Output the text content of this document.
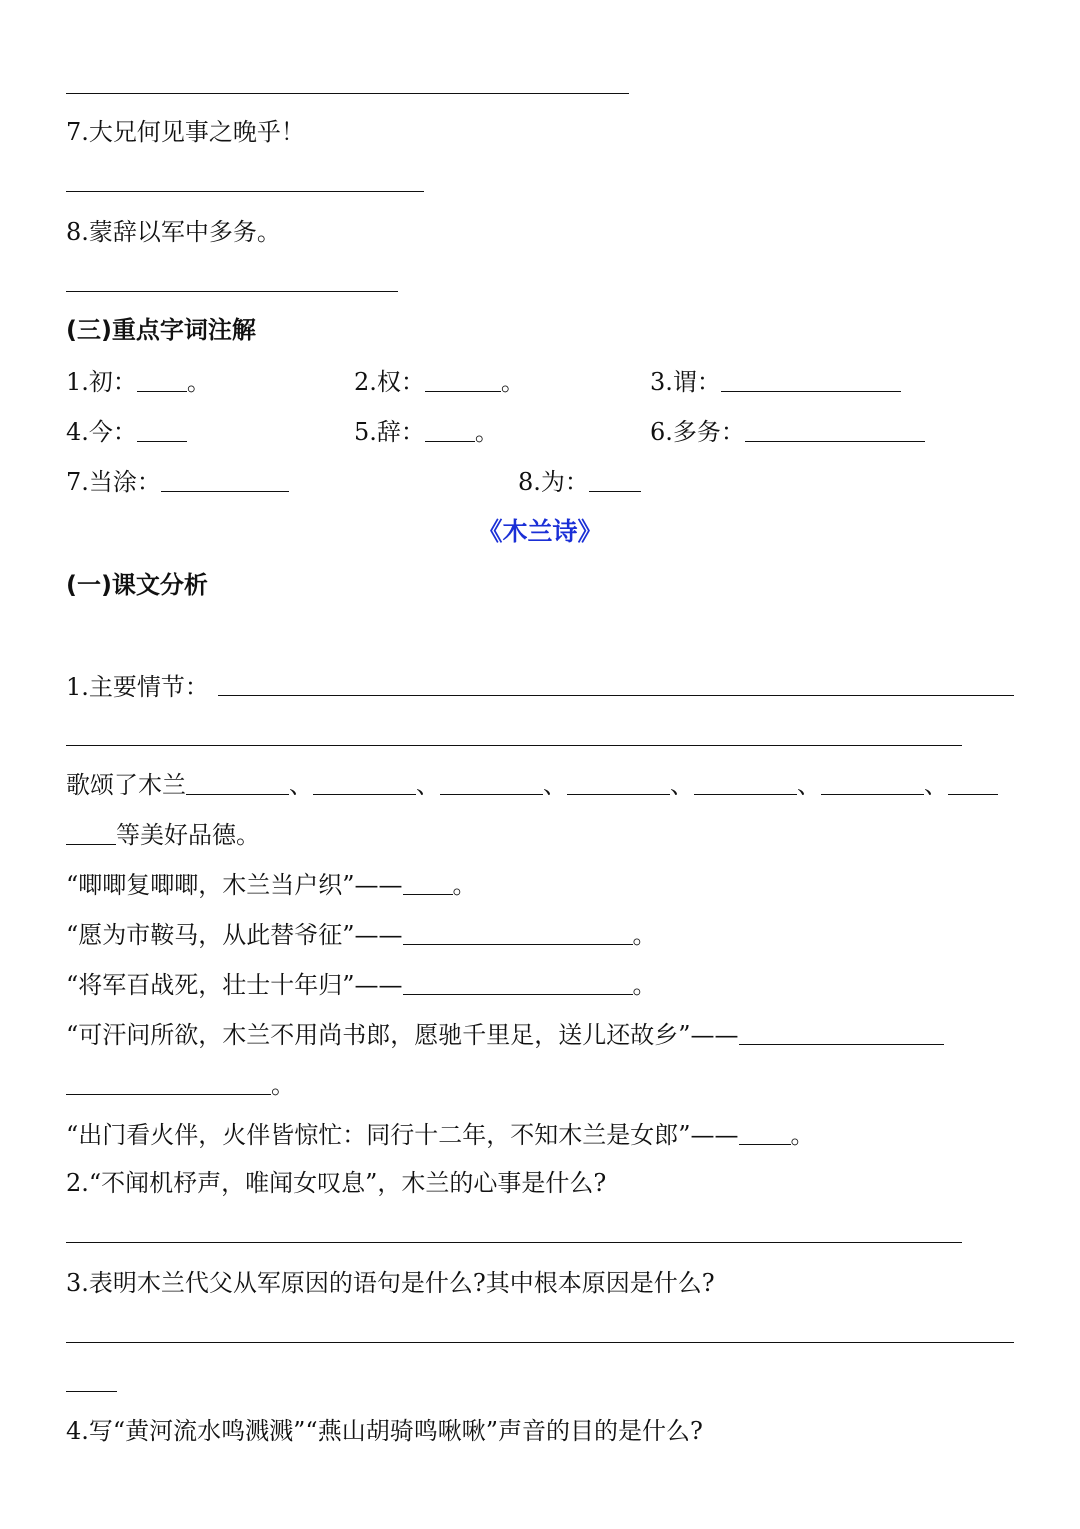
7.大兄何见事之晚乎！
8.蒙辞以军中多务。
(三)重点字词注解
1.初： 。	2.权：	。	3.谓：
4.今：	5.辞： 。	6.多务：
7.当涂：	8.为：
《木兰诗》
(一)课文分析
1.主要情节：
歌颂了木兰	、	、	、	、	、	、
等美好品德。
“唧唧复唧唧，木兰当户织”—— 。
“愿为市鞍马，从此替爷征”——	。
“将军百战死，壮士十年归”——	。
“可汗问所欲，木兰不用尚书郎，愿驰千里足，送儿还故乡”——
。
“出门看火伴，火伴皆惊忙：同行十二年，不知木兰是女郎”—— 。
2.“不闻机杼声，唯闻女叹息”，木兰的心事是什么?
3.表明木兰代父从军原因的语句是什么?其中根本原因是什么?
4.写“黄河流水鸣溅溅”“燕山胡骑鸣啾啾”声音的目的是什么?
